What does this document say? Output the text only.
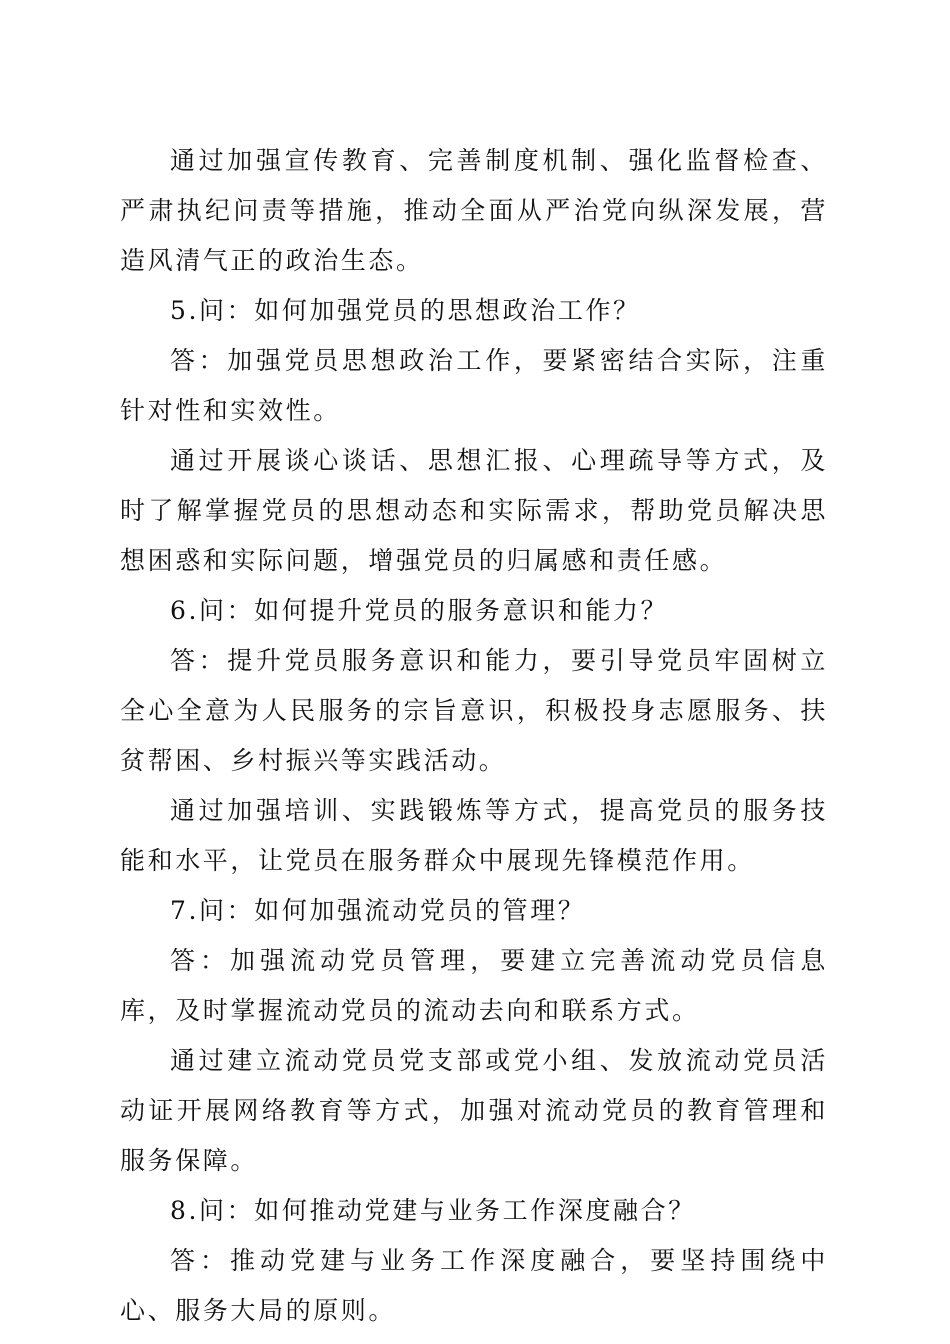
通过加强宣传教育、完善制度机制、强化监督检查、严肃执纪问责等措施，推动全面从严治党向纵深发展，营造风清气正的政治生态。

5.问：如何加强党员的思想政治工作？

答：加强党员思想政治工作，要紧密结合实际，注重针对性和实效性。

通过开展谈心谈话、思想汇报、心理疏导等方式，及时了解掌握党员的思想动态和实际需求，帮助党员解决思想困惑和实际问题，增强党员的归属感和责任感。

6.问：如何提升党员的服务意识和能力？

答：提升党员服务意识和能力，要引导党员牢固树立全心全意为人民服务的宗旨意识，积极投身志愿服务、扶贫帮困、乡村振兴等实践活动。

通过加强培训、实践锻炼等方式，提高党员的服务技能和水平，让党员在服务群众中展现先锋模范作用。

7.问：如何加强流动党员的管理？

答：加强流动党员管理，要建立完善流动党员信息库，及时掌握流动党员的流动去向和联系方式。

通过建立流动党员党支部或党小组、发放流动党员活动证开展网络教育等方式，加强对流动党员的教育管理和服务保障。

8.问：如何推动党建与业务工作深度融合？

答：推动党建与业务工作深度融合，要坚持围绕中心、服务大局的原则。
